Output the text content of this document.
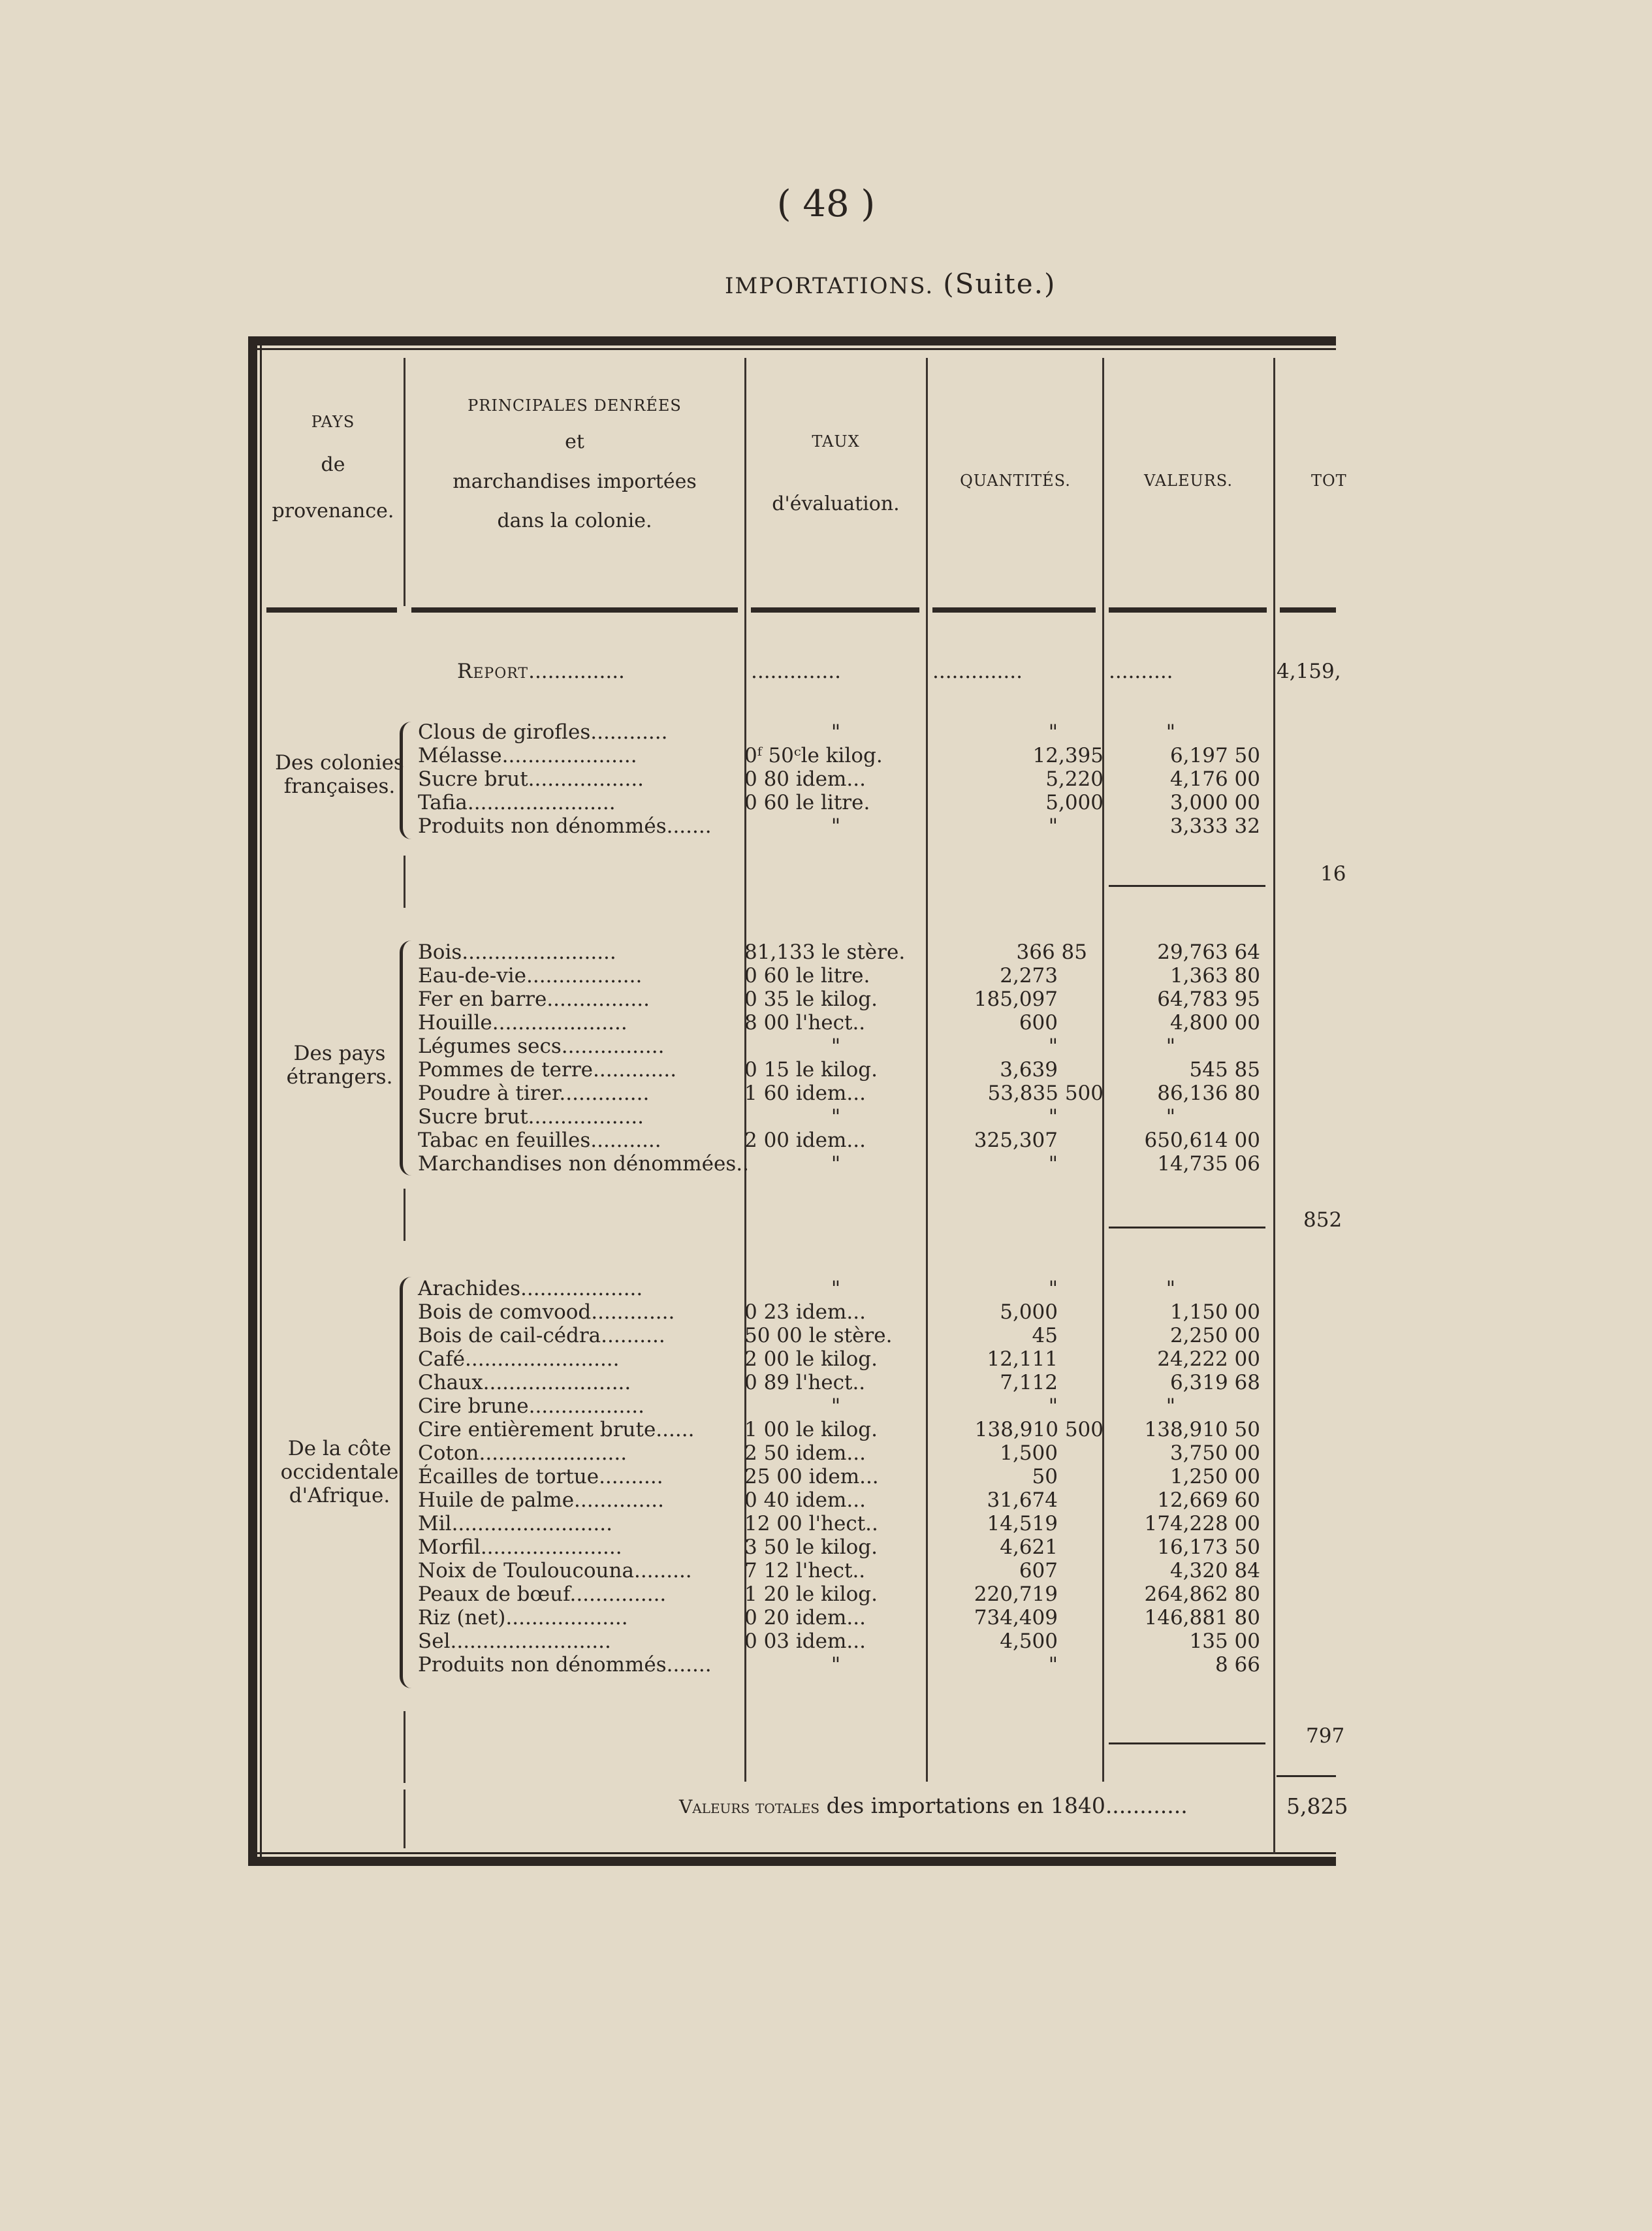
( 48 )
IMPORTATIONS. (Suite.)
PAYS
de
provenance.
PRINCIPALES DENRÉES
et
marchandises importées
dans la colonie.
TAUX
d'évaluation.
QUANTITÉS.	VALEURS.	TOT
Report...............	..............	..............	..........	4,159,
Des colonies
françaises.
Clous de girofles............	"	"	"
Mélasse.....................	0ᶠ 50ᶜle kilog.	12,395	6,197 50
Sucre brut..................	0 80 idem...	5,220	4,176 00
Tafia.......................	0 60 le litre.	5,000	3,000 00
Produits non dénommés.......	"	"	3,333 32
16
Des pays
étrangers.
Bois........................	81,133 le stère.	366 85	29,763 64
Eau-de-vie..................	0 60 le litre.	2,273	1,363 80
Fer en barre................	0 35 le kilog.	185,097	64,783 95
Houille.....................	8 00 l'hect..	600	4,800 00
Légumes secs................	"	"	"
Pommes de terre.............	0 15 le kilog.	3,639	545 85
Poudre à tirer..............	1 60 idem...	53,835 500	86,136 80
Sucre brut..................	"	"	"
Tabac en feuilles...........	2 00 idem...	325,307	650,614 00
Marchandises non dénommées..	"	"	14,735 06
852
De la côte
occidentale
d'Afrique.
Arachides...................	"	"	"
Bois de comvood.............	0 23 idem...	5,000	1,150 00
Bois de cail-cédra..........	50 00 le stère.	45	2,250 00
Café........................	2 00 le kilog.	12,111	24,222 00
Chaux.......................	0 89 l'hect..	7,112	6,319 68
Cire brune..................	"	"	"
Cire entièrement brute...... 1 00 le kilog.	138,910 500	138,910 50
Coton.......................	2 50 idem...	1,500	3,750 00
Écailles de tortue..........	25 00 idem...	50	1,250 00
Huile de palme..............	0 40 idem...	31,674	12,669 60
Mil.........................	12 00 l'hect..	14,519	174,228 00
Morfil......................	3 50 le kilog.	4,621	16,173 50
Noix de Touloucouna.........	7 12 l'hect..	607	4,320 84
Peaux de bœuf...............	1 20 le kilog.	220,719	264,862 80
Riz (net)...................	0 20 idem...	734,409	146,881 80
Sel.........................	0 03 idem...	4,500	135 00
Produits non dénommés.......	"	"	8 66
797
Valeurs totales des importations en 1840............	5,825
